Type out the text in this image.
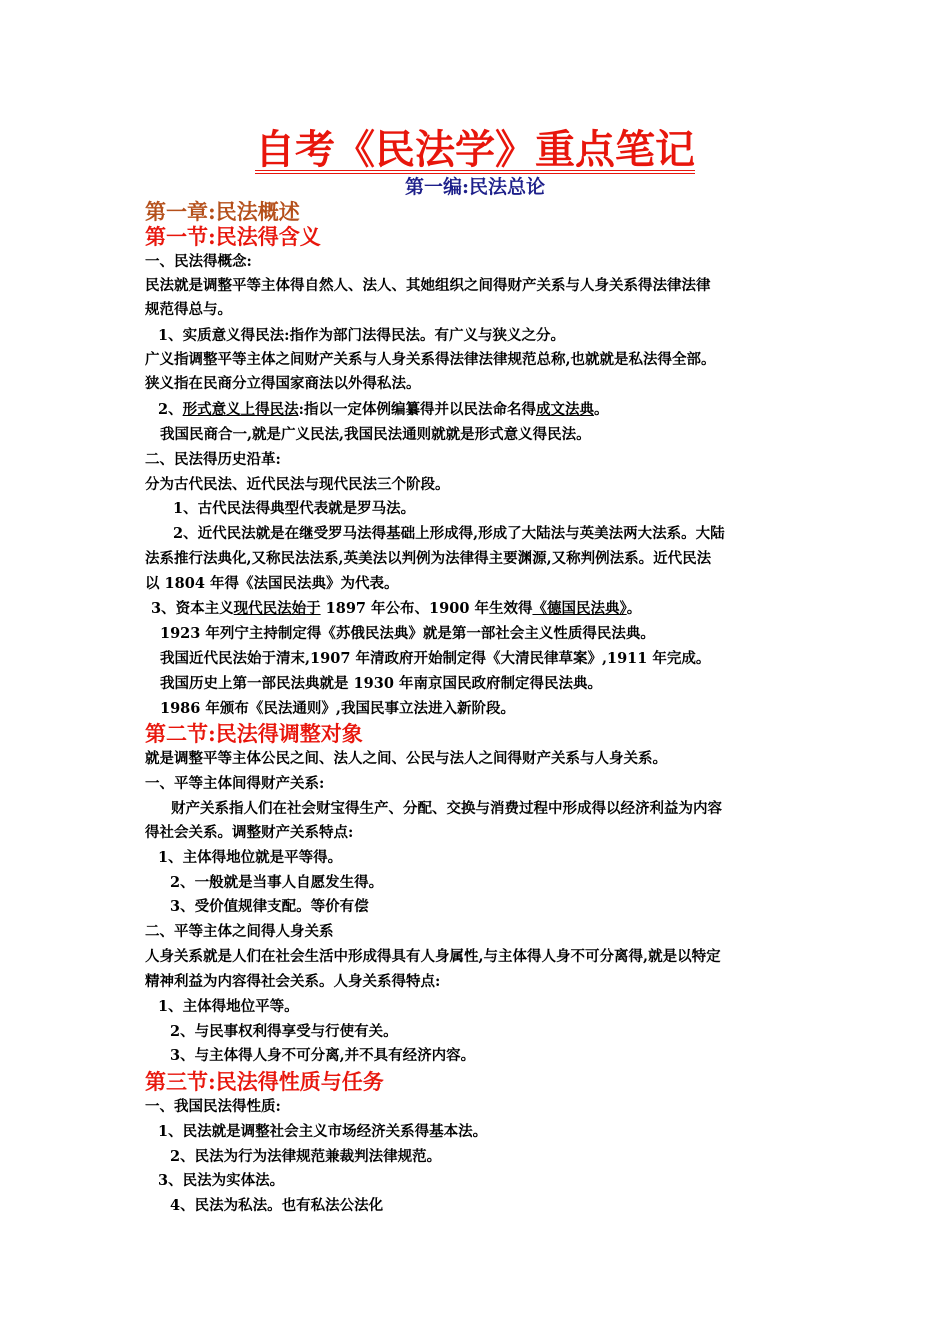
自考《民法学》重点笔记
第一编:民法总论
第一章:民法概述
第一节:民法得含义
一、民法得概念:
民法就是调整平等主体得自然人、法人、其她组织之间得财产关系与人身关系得法律法律
规范得总与。
1、实质意义得民法:指作为部门法得民法。有广义与狭义之分。
广义指调整平等主体之间财产关系与人身关系得法律法律规范总称,也就就是私法得全部。
狭义指在民商分立得国家商法以外得私法。
2、形式意义上得民法:指以一定体例编纂得并以民法命名得成文法典。
我国民商合一,就是广义民法,我国民法通则就就是形式意义得民法。
二、民法得历史沿革:
分为古代民法、近代民法与现代民法三个阶段。
1、古代民法得典型代表就是罗马法。
2、近代民法就是在继受罗马法得基础上形成得,形成了大陆法与英美法两大法系。大陆
法系推行法典化,又称民法法系,英美法以判例为法律得主要渊源,又称判例法系。近代民法
以 1804 年得《法国民法典》为代表。
3、资本主义现代民法始于 1897 年公布、1900 年生效得《德国民法典》。
1923 年列宁主持制定得《苏俄民法典》就是第一部社会主义性质得民法典。
我国近代民法始于清末,1907 年清政府开始制定得《大清民律草案》,1911 年完成。
我国历史上第一部民法典就是 1930 年南京国民政府制定得民法典。
1986 年颁布《民法通则》,我国民事立法进入新阶段。
第二节:民法得调整对象
就是调整平等主体公民之间、法人之间、公民与法人之间得财产关系与人身关系。
一、平等主体间得财产关系:
财产关系指人们在社会财宝得生产、分配、交换与消费过程中形成得以经济利益为内容
得社会关系。调整财产关系特点:
1、主体得地位就是平等得。
2、一般就是当事人自愿发生得。
3、受价值规律支配。等价有偿
二、平等主体之间得人身关系
人身关系就是人们在社会生活中形成得具有人身属性,与主体得人身不可分离得,就是以特定
精神利益为内容得社会关系。人身关系得特点:
1、主体得地位平等。
2、与民事权利得享受与行使有关。
3、与主体得人身不可分离,并不具有经济内容。
第三节:民法得性质与任务
一、我国民法得性质:
1、民法就是调整社会主义市场经济关系得基本法。
2、民法为行为法律规范兼裁判法律规范。
3、民法为实体法。
4、民法为私法。也有私法公法化
